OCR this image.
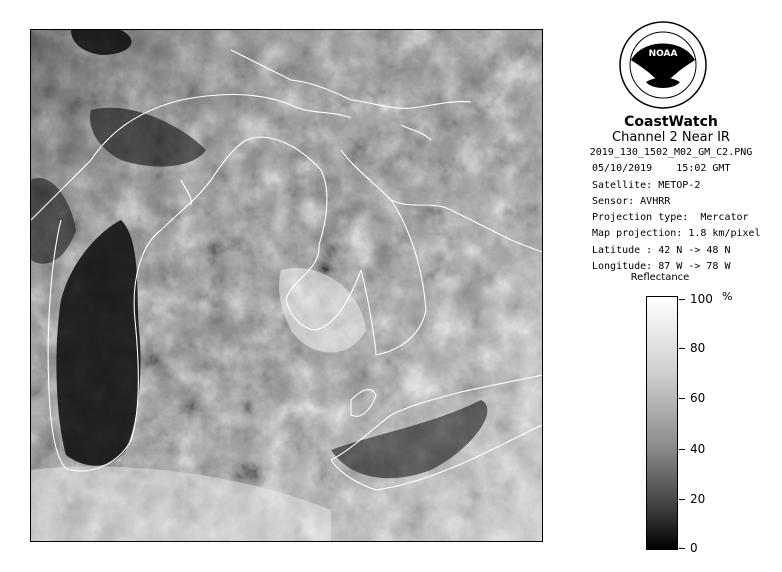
NOAA
CoastWatch
Channel 2 Near IR
2019_130_1502_M02_GM_C2.PNG
05/10/2019    15:02 GMT
Satellite: METOP-2
Sensor: AVHRR
Projection type:  Mercator
Map projection: 1.8 km/pixel
Latitude : 42 N -> 48 N
Longitude: 87 W -> 78 W
Reflectance
%
100
80
60
40
20
0
